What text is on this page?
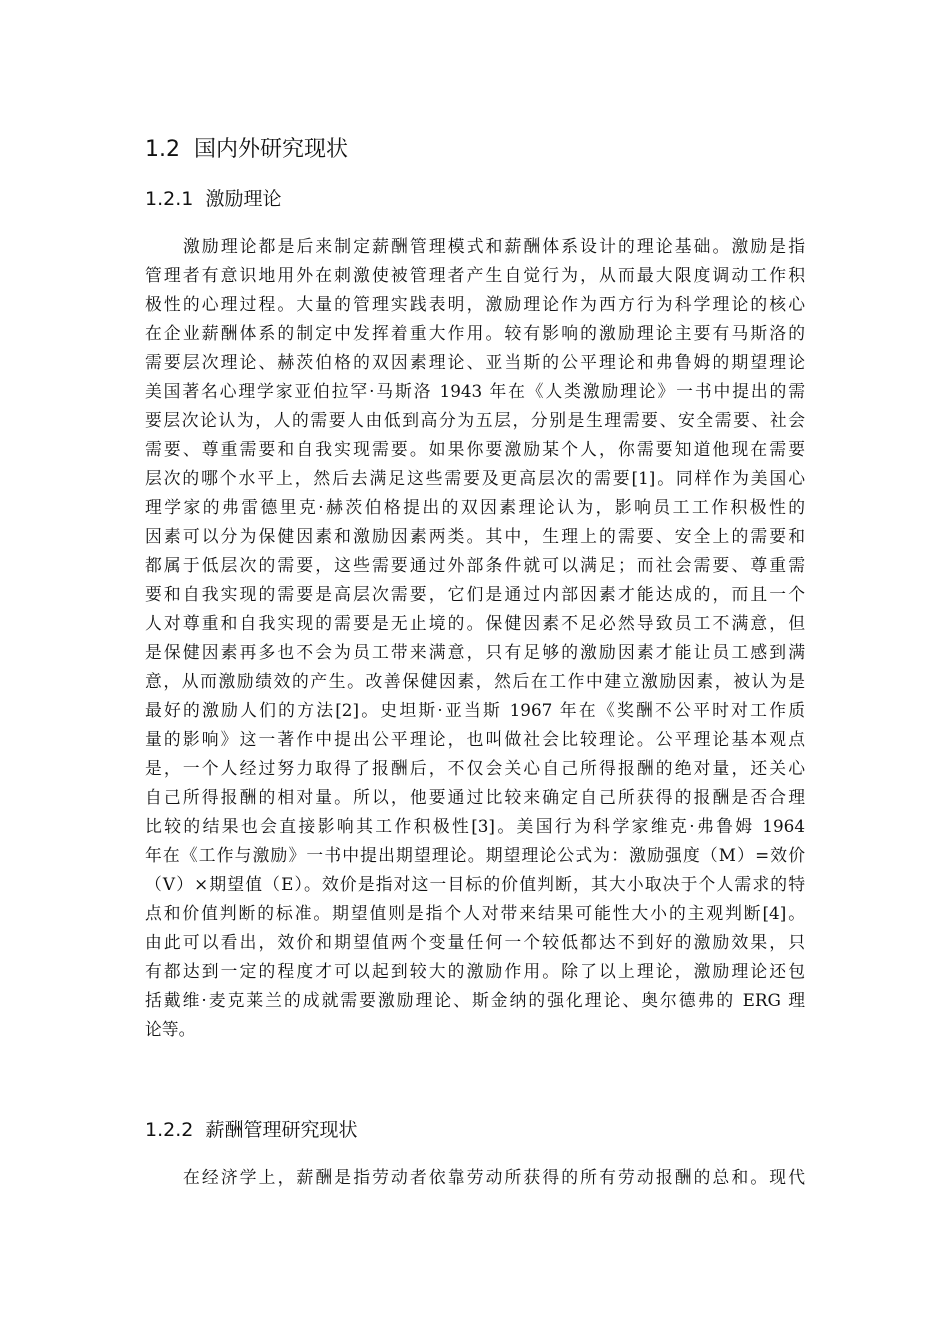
1.2 国内外研究现状
1.2.1 激励理论
激励理论都是后来制定薪酬管理模式和薪酬体系设计的理论基础。激励是指
管理者有意识地用外在刺激使被管理者产生自觉行为，从而最大限度调动工作积
极性的心理过程。大量的管理实践表明，激励理论作为西方行为科学理论的核心
在企业薪酬体系的制定中发挥着重大作用。较有影响的激励理论主要有马斯洛的
需要层次理论、赫茨伯格的双因素理论、亚当斯的公平理论和弗鲁姆的期望理论
美国著名心理学家亚伯拉罕·马斯洛 1943 年在《人类激励理论》一书中提出的需
要层次论认为，人的需要人由低到高分为五层，分别是生理需要、安全需要、社会
需要、尊重需要和自我实现需要。如果你要激励某个人，你需要知道他现在需要
层次的哪个水平上，然后去满足这些需要及更高层次的需要[1]。同样作为美国心
理学家的弗雷德里克·赫茨伯格提出的双因素理论认为，影响员工工作积极性的
因素可以分为保健因素和激励因素两类。其中，生理上的需要、安全上的需要和
都属于低层次的需要，这些需要通过外部条件就可以满足；而社会需要、尊重需
要和自我实现的需要是高层次需要，它们是通过内部因素才能达成的，而且一个
人对尊重和自我实现的需要是无止境的。保健因素不足必然导致员工不满意，但
是保健因素再多也不会为员工带来满意，只有足够的激励因素才能让员工感到满
意，从而激励绩效的产生。改善保健因素，然后在工作中建立激励因素，被认为是
最好的激励人们的方法[2]。史坦斯·亚当斯 1967 年在《奖酬不公平时对工作质
量的影响》这一著作中提出公平理论，也叫做社会比较理论。公平理论基本观点
是，一个人经过努力取得了报酬后，不仅会关心自己所得报酬的绝对量，还关心
自己所得报酬的相对量。所以，他要通过比较来确定自己所获得的报酬是否合理
比较的结果也会直接影响其工作积极性[3]。美国行为科学家维克·弗鲁姆 1964
年在《工作与激励》一书中提出期望理论。期望理论公式为：激励强度（M）=效价
（V）×期望值（E）。效价是指对这一目标的价值判断，其大小取决于个人需求的特
点和价值判断的标准。期望值则是指个人对带来结果可能性大小的主观判断[4]。
由此可以看出，效价和期望值两个变量任何一个较低都达不到好的激励效果，只
有都达到一定的程度才可以起到较大的激励作用。除了以上理论，激励理论还包
括戴维·麦克莱兰的成就需要激励理论、斯金纳的强化理论、奥尔德弗的 ERG 理
论等。
1.2.2 薪酬管理研究现状
在经济学上，薪酬是指劳动者依靠劳动所获得的所有劳动报酬的总和。现代
